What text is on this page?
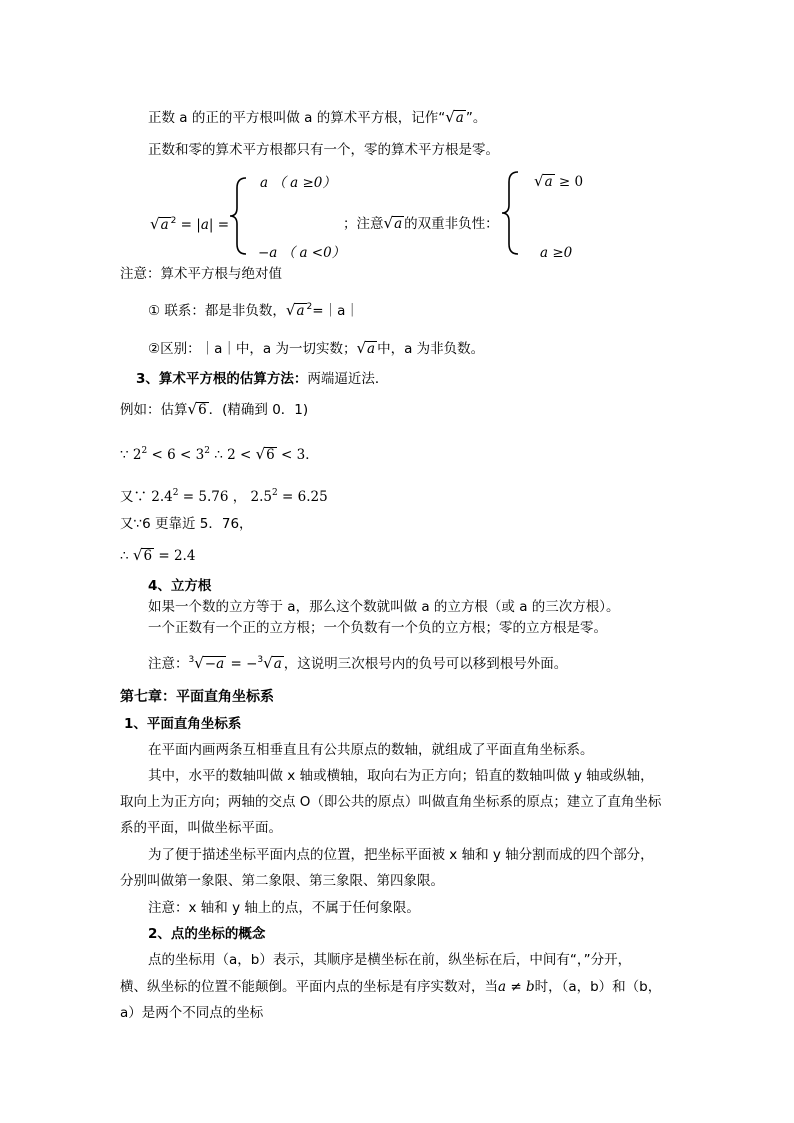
正数 a 的正的平方根叫做 a 的算术平方根，记作“√a ”。
正数和零的算术平方根都只有一个，零的算术平方根是零。
√a $^2$ = |a| =
a （ a ≥0）
−a （ a <0）
；注意√a 的双重非负性：
√a ≥ 0
a ≥0
注意：算术平方根与绝对值
① 联系：都是非负数，√a $^2$=｜a｜
②区别：｜a｜中，a 为一切实数；√a 中，a 为非负数。
3、算术平方根的估算方法：两端逼近法．
例如：估算√6 ．(精确到 0．1)
∵ $2^2 < 6 < 3^2$ ∴ 2 < √6 < 3．
又∵ $2.4^2 = 5.76$ ， $2.5^2 = 6.25$
又∵6 更靠近 5．76，
∴ √6 = 2.4
4、立方根
如果一个数的立方等于 a，那么这个数就叫做 a 的立方根（或 a 的三次方根）。
一个正数有一个正的立方根；一个负数有一个负的立方根；零的立方根是零。
注意：$^3$√−a = −$^3$√a ，这说明三次根号内的负号可以移到根号外面。
第七章：平面直角坐标系
1、平面直角坐标系
在平面内画两条互相垂直且有公共原点的数轴，就组成了平面直角坐标系。
其中，水平的数轴叫做 x 轴或横轴，取向右为正方向；铅直的数轴叫做 y 轴或纵轴，
取向上为正方向；两轴的交点 O（即公共的原点）叫做直角坐标系的原点；建立了直角坐标
系的平面，叫做坐标平面。
为了便于描述坐标平面内点的位置，把坐标平面被 x 轴和 y 轴分割而成的四个部分，
分别叫做第一象限、第二象限、第三象限、第四象限。
注意：x 轴和 y 轴上的点，不属于任何象限。
2、点的坐标的概念
点的坐标用（a，b）表示，其顺序是横坐标在前，纵坐标在后，中间有“，”分开，
横、纵坐标的位置不能颠倒。平面内点的坐标是有序实数对，当a ≠ b时，（a，b）和（b，
a）是两个不同点的坐标
